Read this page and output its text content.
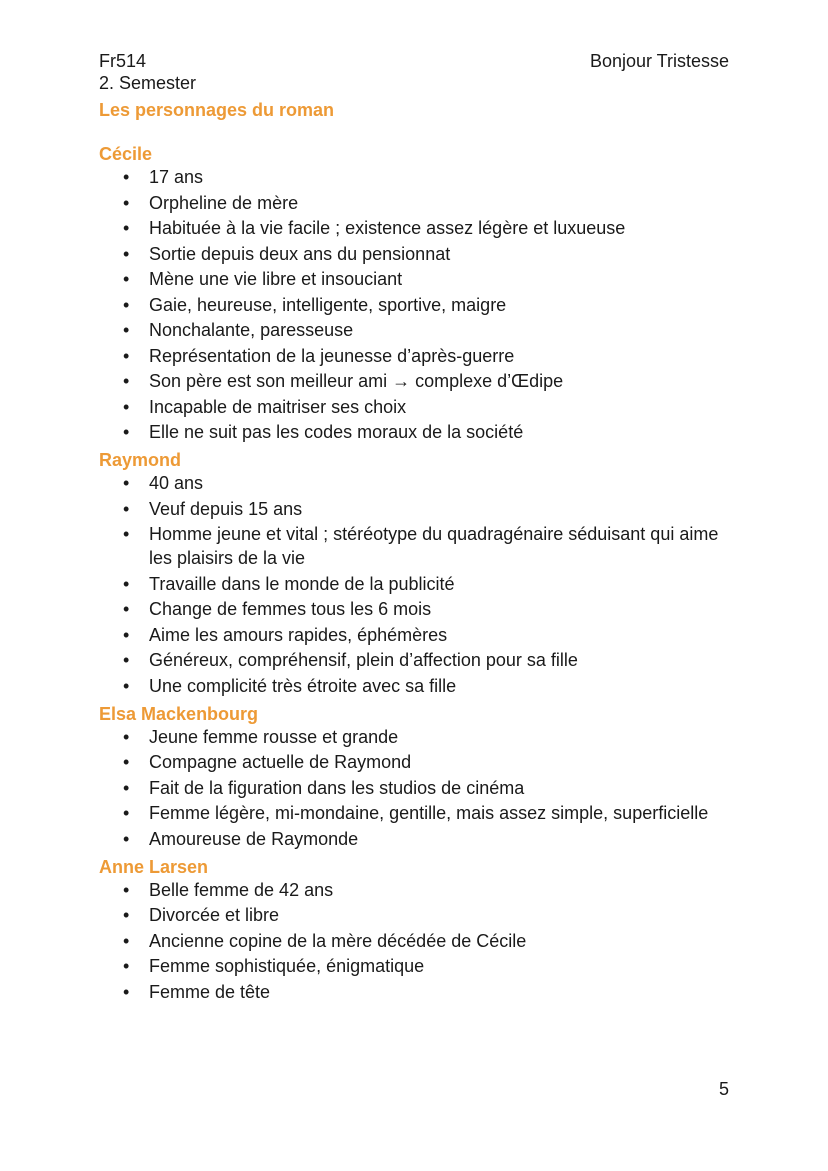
Fr514
2. Semester
Bonjour Tristesse
Les personnages du roman
Cécile
• 17 ans
• Orpheline de mère
• Habituée à la vie facile ; existence assez légère et luxueuse
• Sortie depuis deux ans du pensionnat
• Mène une vie libre et insouciant
• Gaie, heureuse, intelligente, sportive, maigre
• Nonchalante, paresseuse
• Représentation de la jeunesse d’après-guerre
• Son père est son meilleur ami → complexe d’Œdipe
• Incapable de maitriser ses choix
• Elle ne suit pas les codes moraux de la société
Raymond
• 40 ans
• Veuf depuis 15 ans
• Homme jeune et vital ; stéréotype du quadragénaire séduisant qui aime les plaisirs de la vie
• Travaille dans le monde de la publicité
• Change de femmes tous les 6 mois
• Aime les amours rapides, éphémères
• Généreux, compréhensif, plein d’affection pour sa fille
• Une complicité très étroite avec sa fille
Elsa Mackenbourg
• Jeune femme rousse et grande
• Compagne actuelle de Raymond
• Fait de la figuration dans les studios de cinéma
• Femme légère, mi-mondaine, gentille, mais assez simple, superficielle
• Amoureuse de Raymonde
Anne Larsen
• Belle femme de 42 ans
• Divorcée et libre
• Ancienne copine de la mère décédée de Cécile
• Femme sophistiquée, énigmatique
• Femme de tête
5
